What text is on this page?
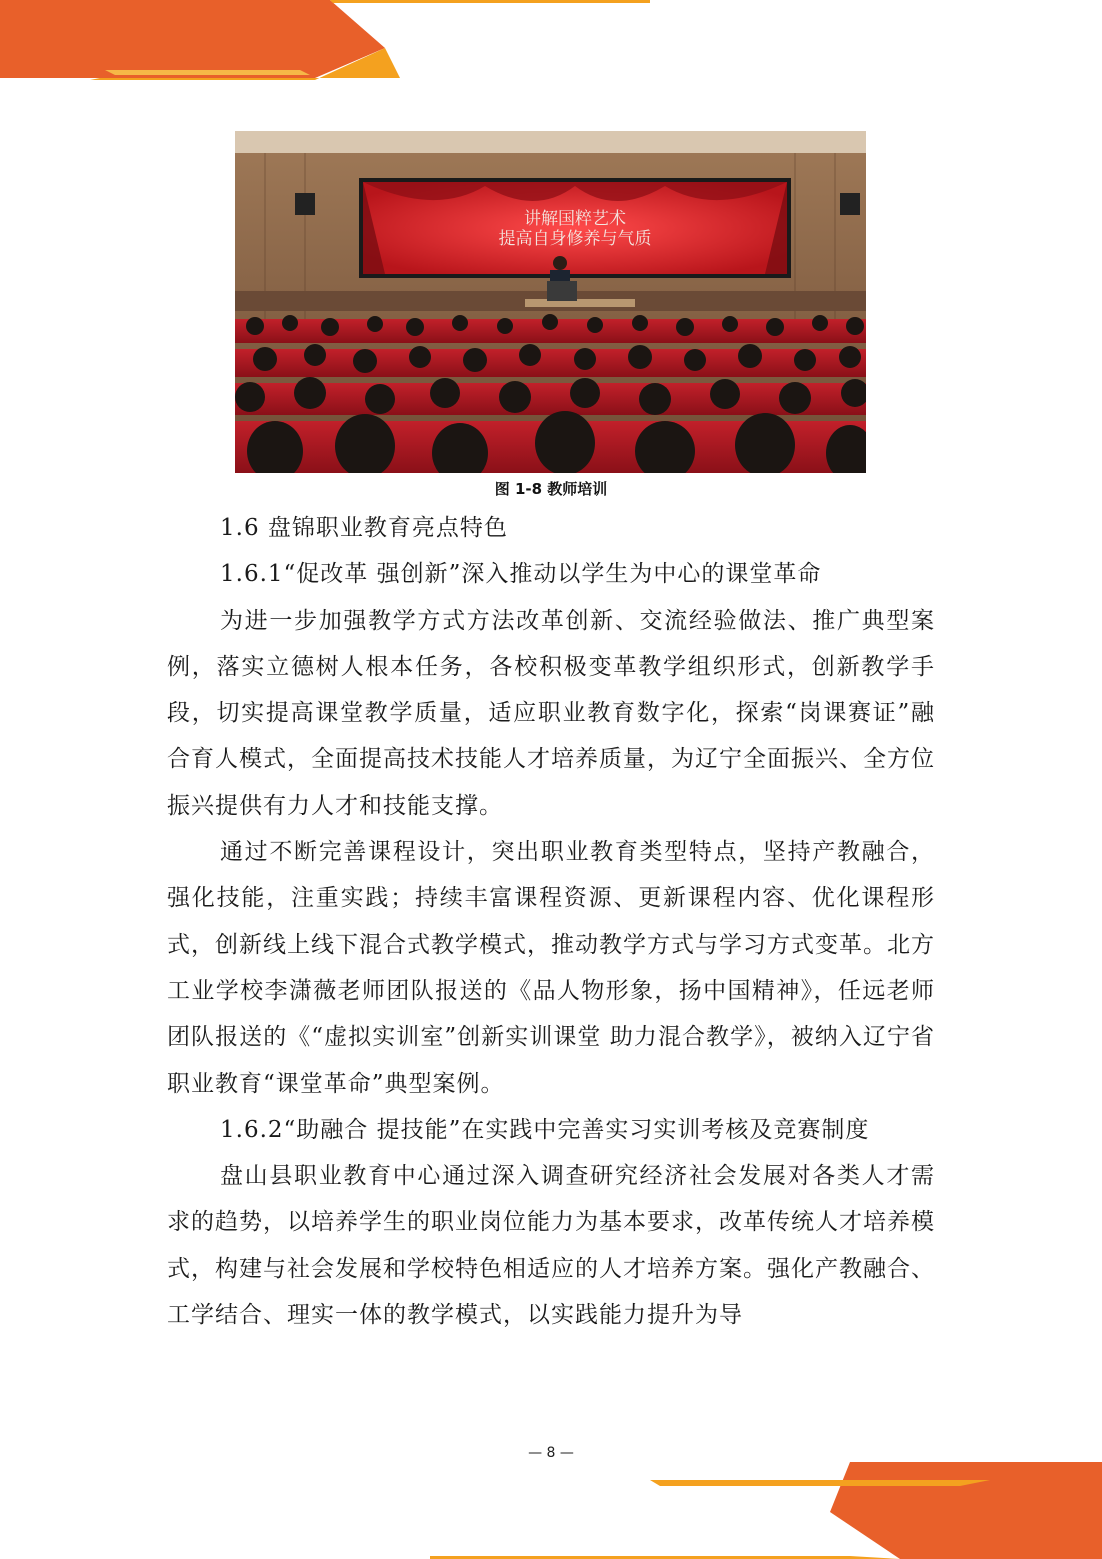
讲解国粹艺术
提高自身修养与气质
图 1-8 教师培训

1.6 盘锦职业教育亮点特色

1.6.1“促改革 强创新”深入推动以学生为中心的课堂革命

为进一步加强教学方式方法改革创新、交流经验做法、推广典型案例，落实立德树人根本任务，各校积极变革教学组织形式，创新教学手段，切实提高课堂教学质量，适应职业教育数字化，探索“岗课赛证”融合育人模式，全面提高技术技能人才培养质量，为辽宁全面振兴、全方位振兴提供有力人才和技能支撑。

通过不断完善课程设计，突出职业教育类型特点，坚持产教融合，强化技能，注重实践；持续丰富课程资源、更新课程内容、优化课程形式，创新线上线下混合式教学模式，推动教学方式与学习方式变革。北方工业学校李潇薇老师团队报送的《品人物形象，扬中国精神》，任远老师团队报送的《“虚拟实训室”创新实训课堂 助力混合教学》，被纳入辽宁省职业教育“课堂革命”典型案例。

1.6.2“助融合 提技能”在实践中完善实习实训考核及竞赛制度

盘山县职业教育中心通过深入调查研究经济社会发展对各类人才需求的趋势，以培养学生的职业岗位能力为基本要求，改革传统人才培养模式，构建与社会发展和学校特色相适应的人才培养方案。强化产教融合、工学结合、理实一体的教学模式，以实践能力提升为导

— 8 —
